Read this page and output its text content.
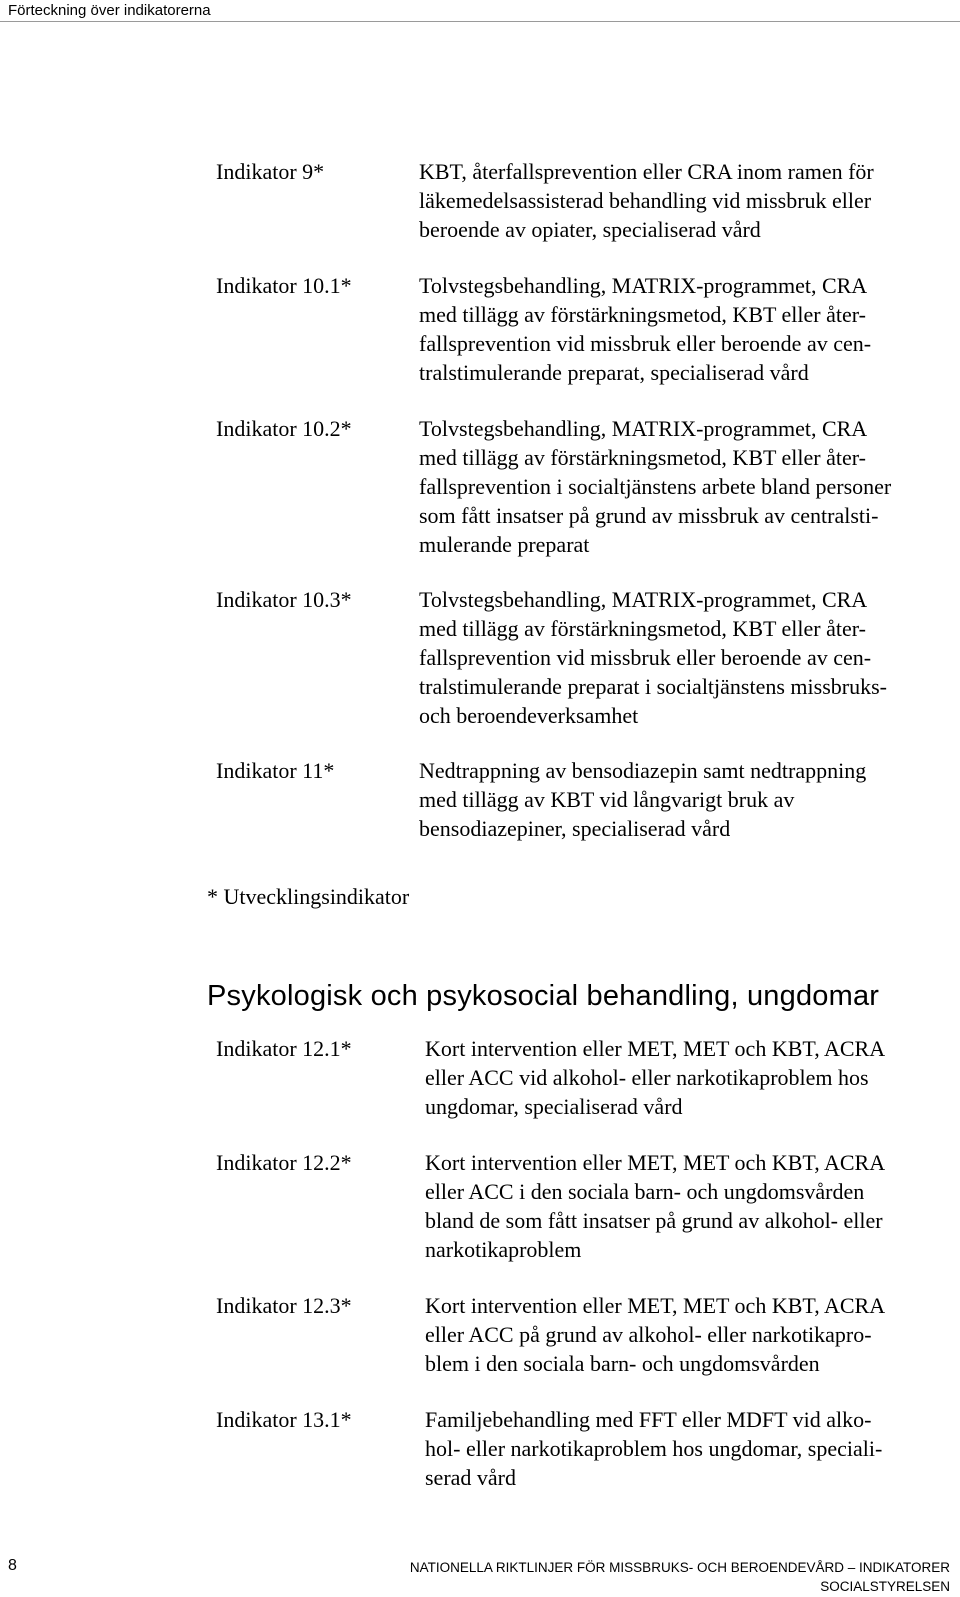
Förteckning över indikatorerna
Indikator 9*	KBT, återfallsprevention eller CRA inom ramen för
läkemedelsassisterad behandling vid missbruk eller
beroende av opiater, specialiserad vård
Indikator 10.1*	Tolvstegsbehandling, MATRIX-programmet, CRA
med tillägg av förstärkningsmetod, KBT eller åter-
fallsprevention vid missbruk eller beroende av cen-
tralstimulerande preparat, specialiserad vård
Indikator 10.2*	Tolvstegsbehandling, MATRIX-programmet, CRA
med tillägg av förstärkningsmetod, KBT eller åter-
fallsprevention i socialtjänstens arbete bland personer
som fått insatser på grund av missbruk av centralsti-
mulerande preparat
Indikator 10.3*	Tolvstegsbehandling, MATRIX-programmet, CRA
med tillägg av förstärkningsmetod, KBT eller åter-
fallsprevention vid missbruk eller beroende av cen-
tralstimulerande preparat i socialtjänstens missbruks-
och beroendeverksamhet
Indikator 11*	Nedtrappning av bensodiazepin samt nedtrappning
med tillägg av KBT vid långvarigt bruk av
bensodiazepiner, specialiserad vård
* Utvecklingsindikator
Psykologisk och psykosocial behandling, ungdomar
Indikator 12.1*	Kort intervention eller MET, MET och KBT, ACRA
eller ACC vid alkohol- eller narkotikaproblem hos
ungdomar, specialiserad vård
Indikator 12.2*	Kort intervention eller MET, MET och KBT, ACRA
eller ACC i den sociala barn- och ungdomsvården
bland de som fått insatser på grund av alkohol- eller
narkotikaproblem
Indikator 12.3*	Kort intervention eller MET, MET och KBT, ACRA
eller ACC på grund av alkohol- eller narkotikapro-
blem i den sociala barn- och ungdomsvården
Indikator 13.1*	Familjebehandling med FFT eller MDFT vid alko-
hol- eller narkotikaproblem hos ungdomar, speciali-
serad vård
8	NATIONELLA RIKTLINJER FÖR MISSBRUKS- OCH BEROENDEVÅRD – INDIKATORER
SOCIALSTYRELSEN
